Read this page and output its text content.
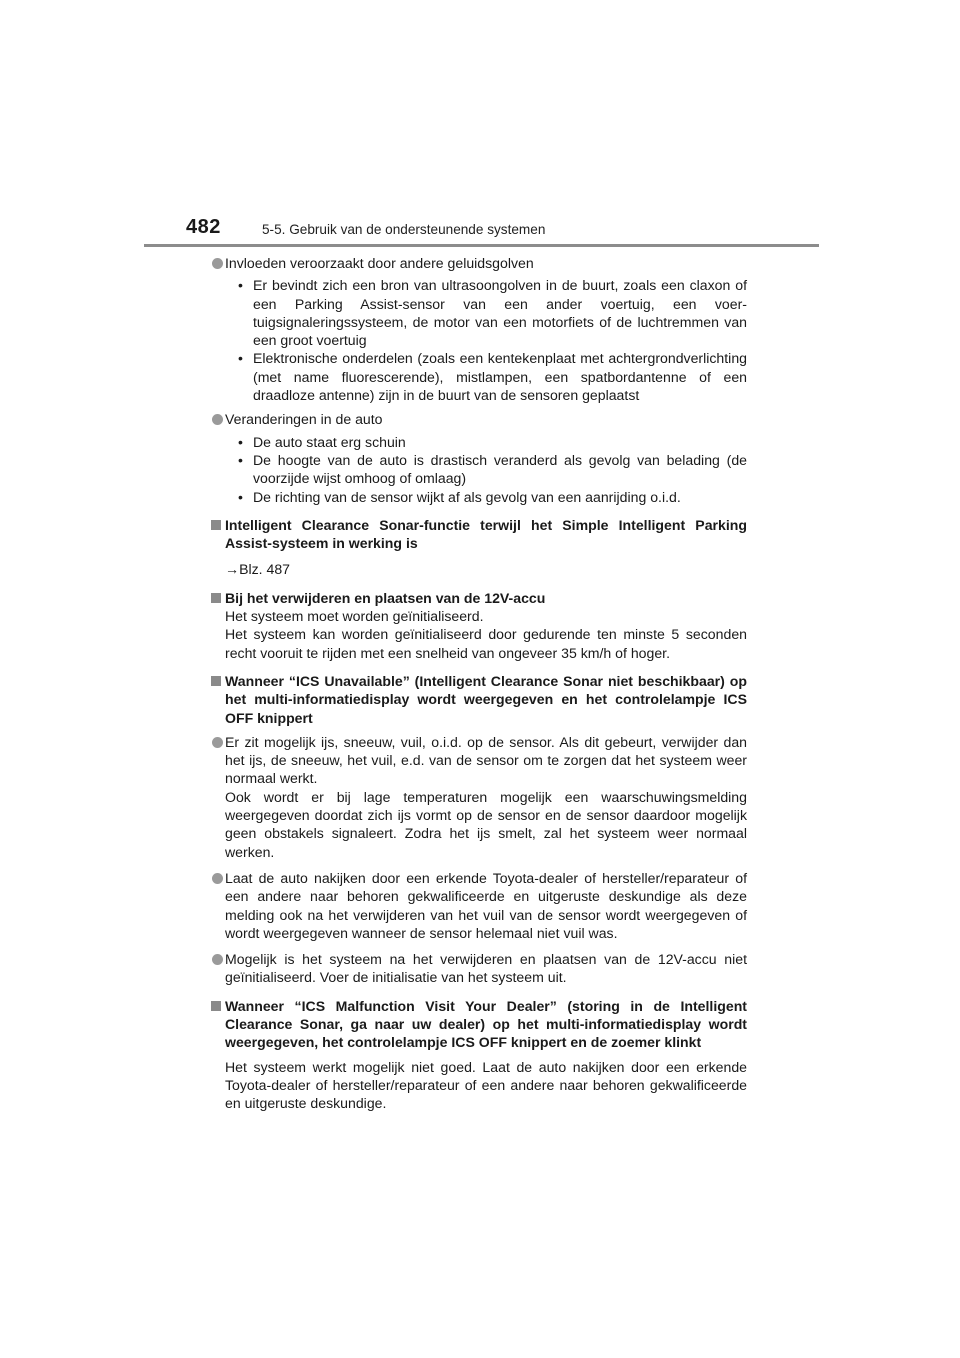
482	5-5. Gebruik van de ondersteunende systemen
Invloeden veroorzaakt door andere geluidsgolven
• Er bevindt zich een bron van ultrasoongolven in de buurt, zoals een claxon of een Parking Assist-sensor van een ander voertuig, een voertuigsignaleringssysteem, de motor van een motorfiets of de luchtremmen van een groot voertuig
• Elektronische onderdelen (zoals een kentekenplaat met achtergrondverlichting (met name fluorescerende), mistlampen, een spatbordantenne of een draadloze antenne) zijn in de buurt van de sensoren geplaatst
Veranderingen in de auto
• De auto staat erg schuin
• De hoogte van de auto is drastisch veranderd als gevolg van belading (de voorzijde wijst omhoog of omlaag)
• De richting van de sensor wijkt af als gevolg van een aanrijding o.i.d.
Intelligent Clearance Sonar-functie terwijl het Simple Intelligent Parking Assist-systeem in werking is
→Blz. 487
Bij het verwijderen en plaatsen van de 12V-accu
Het systeem moet worden geïnitialiseerd.
Het systeem kan worden geïnitialiseerd door gedurende ten minste 5 seconden recht vooruit te rijden met een snelheid van ongeveer 35 km/h of hoger.
Wanneer “ICS Unavailable” (Intelligent Clearance Sonar niet beschikbaar) op het multi-informatiedisplay wordt weergegeven en het controlelampje ICS OFF knippert
Er zit mogelijk ijs, sneeuw, vuil, o.i.d. op de sensor. Als dit gebeurt, verwijder dan het ijs, de sneeuw, het vuil, e.d. van de sensor om te zorgen dat het systeem weer normaal werkt.
Ook wordt er bij lage temperaturen mogelijk een waarschuwingsmelding weergegeven doordat zich ijs vormt op de sensor en de sensor daardoor mogelijk geen obstakels signaleert. Zodra het ijs smelt, zal het systeem weer normaal werken.
Laat de auto nakijken door een erkende Toyota-dealer of hersteller/reparateur of een andere naar behoren gekwalificeerde en uitgeruste deskundige als deze melding ook na het verwijderen van het vuil van de sensor wordt weergegeven of wordt weergegeven wanneer de sensor helemaal niet vuil was.
Mogelijk is het systeem na het verwijderen en plaatsen van de 12V-accu niet geïnitialiseerd. Voer de initialisatie van het systeem uit.
Wanneer “ICS Malfunction Visit Your Dealer” (storing in de Intelligent Clearance Sonar, ga naar uw dealer) op het multi-informatiedisplay wordt weergegeven, het controlelampje ICS OFF knippert en de zoemer klinkt
Het systeem werkt mogelijk niet goed. Laat de auto nakijken door een erkende Toyota-dealer of hersteller/reparateur of een andere naar behoren gekwalificeerde en uitgeruste deskundige.
